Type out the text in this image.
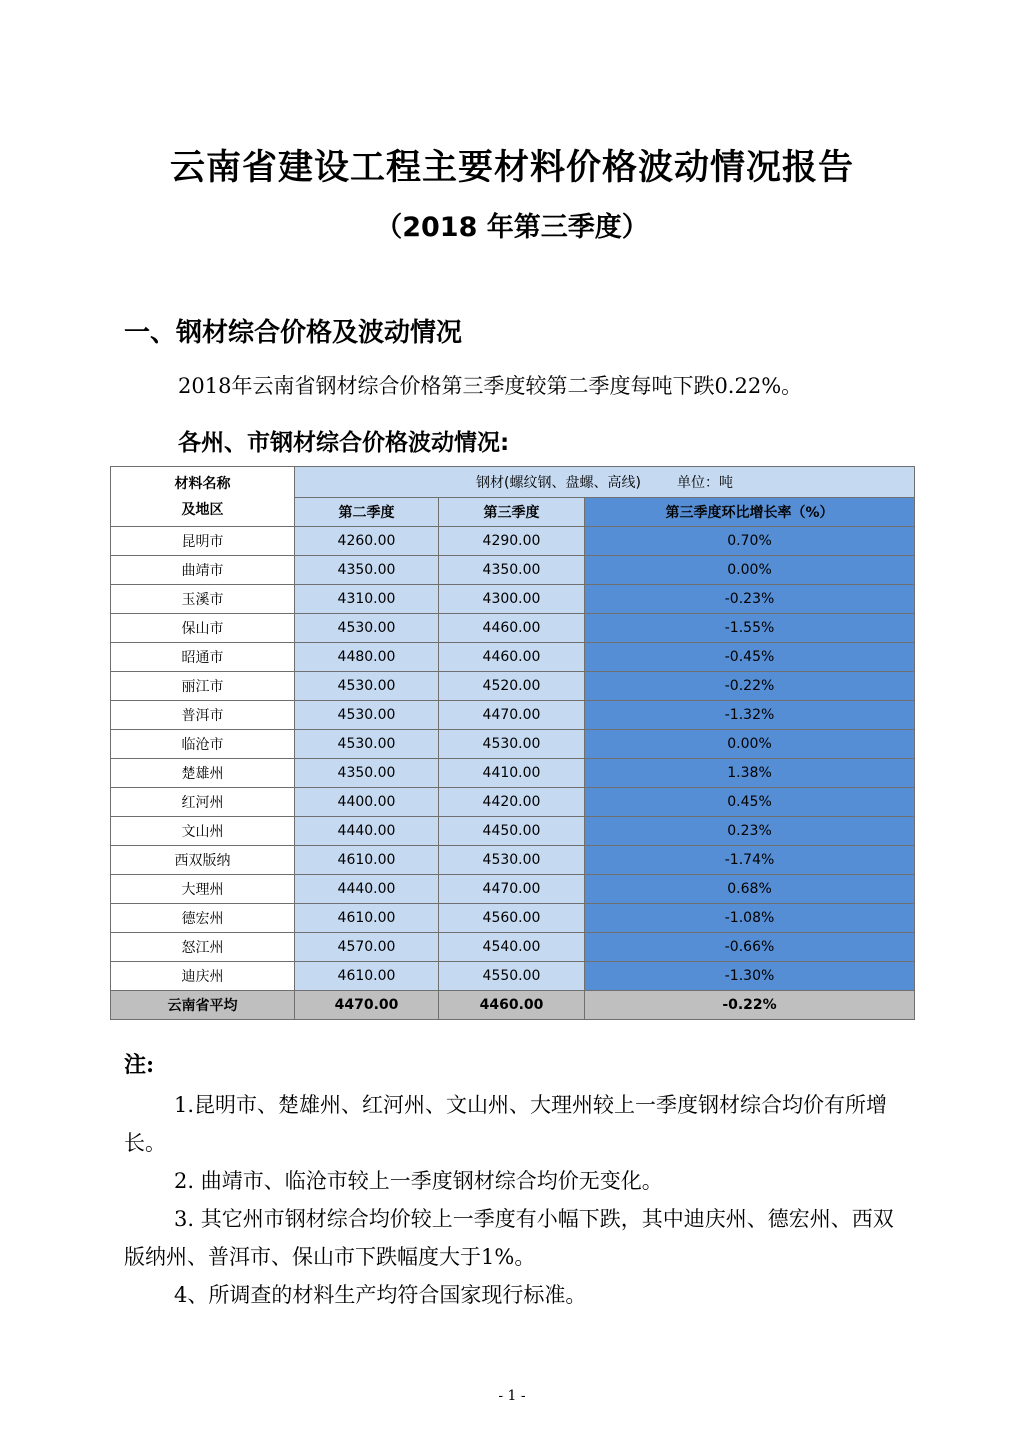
云南省建设工程主要材料价格波动情况报告
（2018 年第三季度）
一、钢材综合价格及波动情况
2018年云南省钢材综合价格第三季度较第二季度每吨下跌0.22%。
各州、市钢材综合价格波动情况:
材料名称
及地区	钢材(螺纹钢、盘螺、高线) 单位：吨		
	第二季度	第三季度	第三季度环比增长率（%）
昆明市	4260.00	4290.00	0.70%
曲靖市	4350.00	4350.00	0.00%
玉溪市	4310.00	4300.00	-0.23%
保山市	4530.00	4460.00	-1.55%
昭通市	4480.00	4460.00	-0.45%
丽江市	4530.00	4520.00	-0.22%
普洱市	4530.00	4470.00	-1.32%
临沧市	4530.00	4530.00	0.00%
楚雄州	4350.00	4410.00	1.38%
红河州	4400.00	4420.00	0.45%
文山州	4440.00	4450.00	0.23%
西双版纳	4610.00	4530.00	-1.74%
大理州	4440.00	4470.00	0.68%
德宏州	4610.00	4560.00	-1.08%
怒江州	4570.00	4540.00	-0.66%
迪庆州	4610.00	4550.00	-1.30%
云南省平均	4470.00	4460.00	-0.22%
注:
1.昆明市、楚雄州、红河州、文山州、大理州较上一季度钢材综合均价有所增长。
2. 曲靖市、临沧市较上一季度钢材综合均价无变化。
3. 其它州市钢材综合均价较上一季度有小幅下跌，其中迪庆州、德宏州、西双版纳州、普洱市、保山市下跌幅度大于1%。
4、所调查的材料生产均符合国家现行标准。
- 1 -
